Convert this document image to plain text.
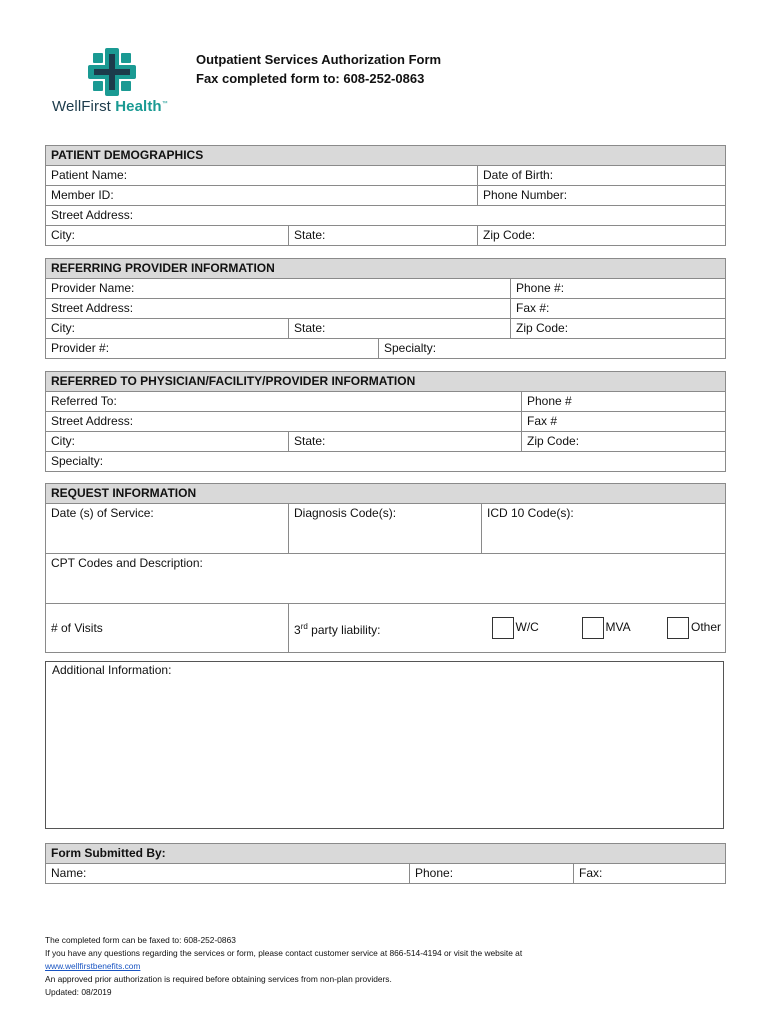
WellFirst Health™
Outpatient Services Authorization Form
Fax completed form to: 608-252-0863
PATIENT DEMOGRAPHICS		
Patient Name:		Date of Birth:
Member ID:		Phone Number:
Street Address:		
City:	State:	Zip Code:
REFERRING PROVIDER INFORMATION			
Provider Name:			Phone #:
Street Address:			Fax #:
City:	State:		Zip Code:
Provider #:		Specialty:	
REFERRED TO PHYSICIAN/FACILITY/PROVIDER INFORMATION		
Referred To:		Phone #
Street Address:		Fax #
City:	State:	Zip Code:
Specialty:		
REQUEST INFORMATION					
Date (s) of Service:	Diagnosis Code(s):	ICD 10 Code(s):			
CPT Codes and Description:					
# of Visits	3rd party liability:		W/C	MVA	Other
Additional Information:
Form Submitted By:
Name:	Phone:	Fax:
The completed form can be faxed to: 608-252-0863
If you have any questions regarding the services or form, please contact customer service at 866-514-4194 or visit the website at
www.wellfirstbenefits.com
An approved prior authorization is required before obtaining services from non-plan providers.
Updated: 08/2019
